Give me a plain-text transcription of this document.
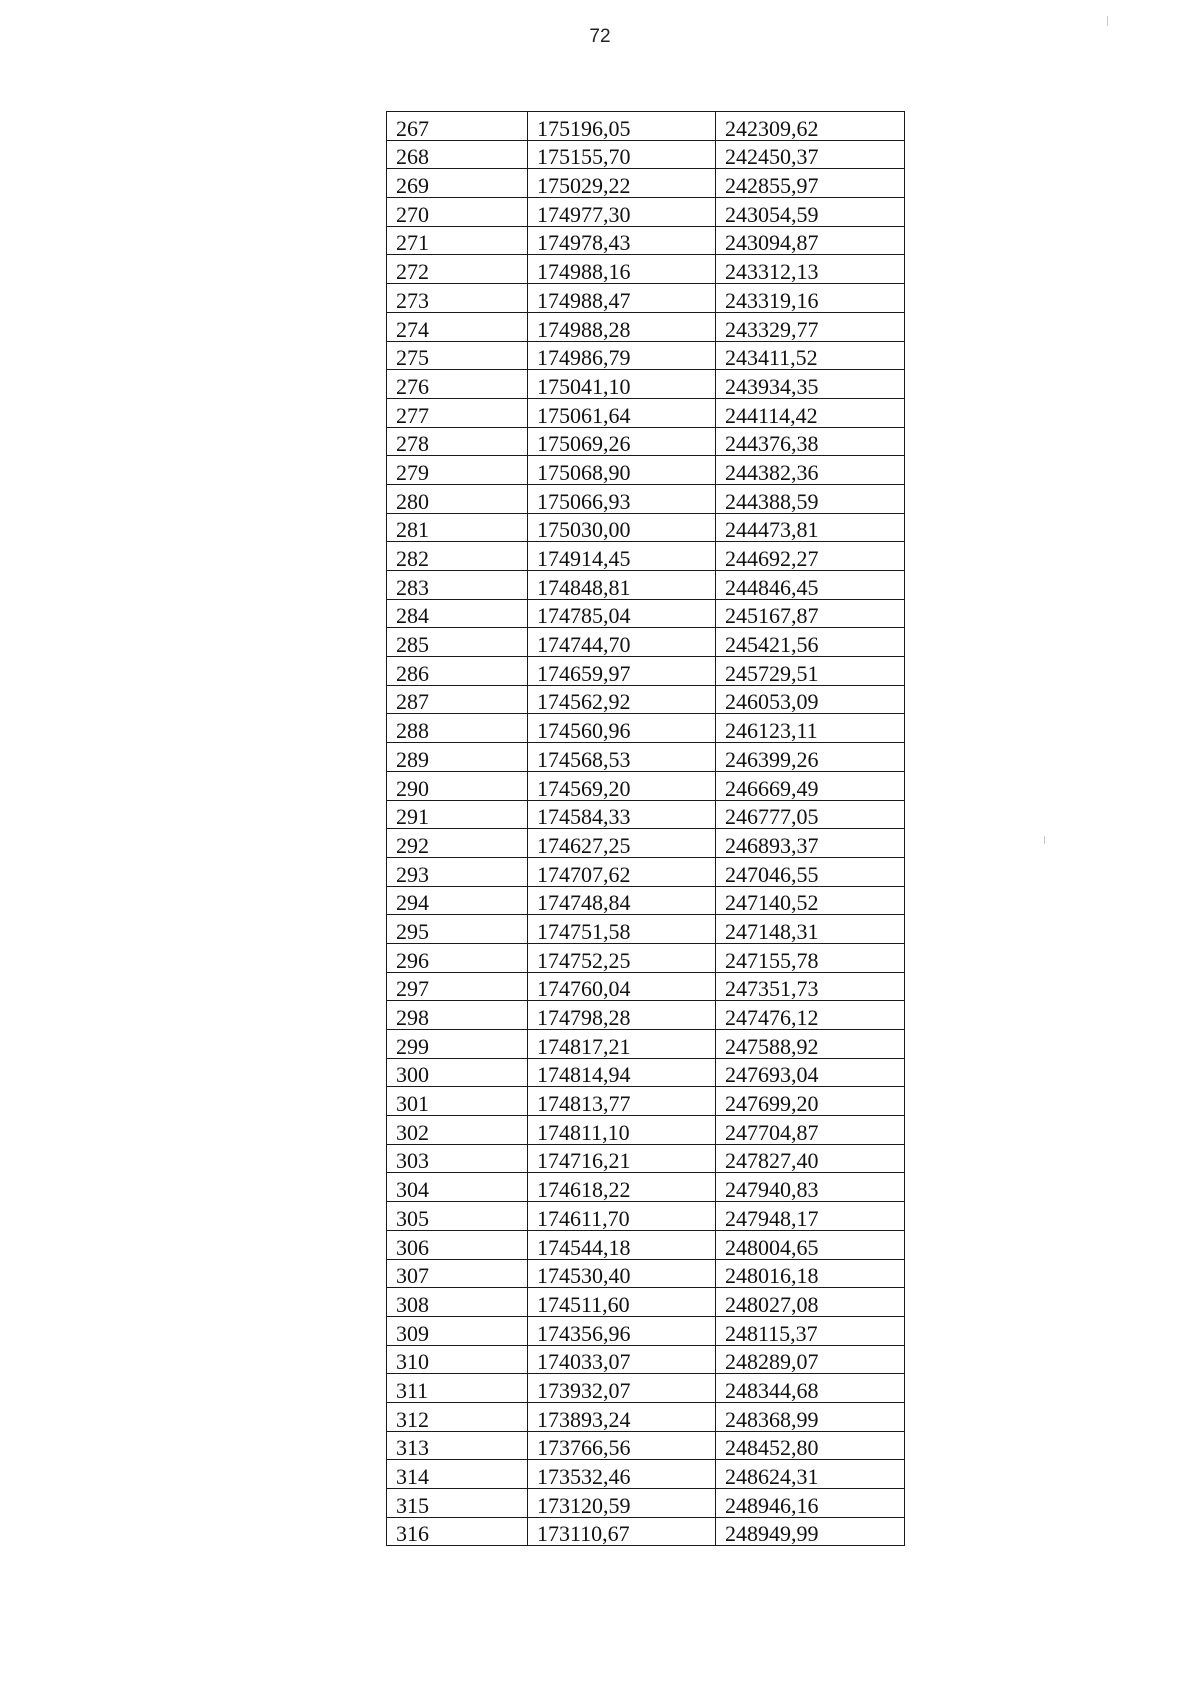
72
267	175196,05	242309,62
268	175155,70	242450,37
269	175029,22	242855,97
270	174977,30	243054,59
271	174978,43	243094,87
272	174988,16	243312,13
273	174988,47	243319,16
274	174988,28	243329,77
275	174986,79	243411,52
276	175041,10	243934,35
277	175061,64	244114,42
278	175069,26	244376,38
279	175068,90	244382,36
280	175066,93	244388,59
281	175030,00	244473,81
282	174914,45	244692,27
283	174848,81	244846,45
284	174785,04	245167,87
285	174744,70	245421,56
286	174659,97	245729,51
287	174562,92	246053,09
288	174560,96	246123,11
289	174568,53	246399,26
290	174569,20	246669,49
291	174584,33	246777,05
292	174627,25	246893,37
293	174707,62	247046,55
294	174748,84	247140,52
295	174751,58	247148,31
296	174752,25	247155,78
297	174760,04	247351,73
298	174798,28	247476,12
299	174817,21	247588,92
300	174814,94	247693,04
301	174813,77	247699,20
302	174811,10	247704,87
303	174716,21	247827,40
304	174618,22	247940,83
305	174611,70	247948,17
306	174544,18	248004,65
307	174530,40	248016,18
308	174511,60	248027,08
309	174356,96	248115,37
310	174033,07	248289,07
311	173932,07	248344,68
312	173893,24	248368,99
313	173766,56	248452,80
314	173532,46	248624,31
315	173120,59	248946,16
316	173110,67	248949,99
